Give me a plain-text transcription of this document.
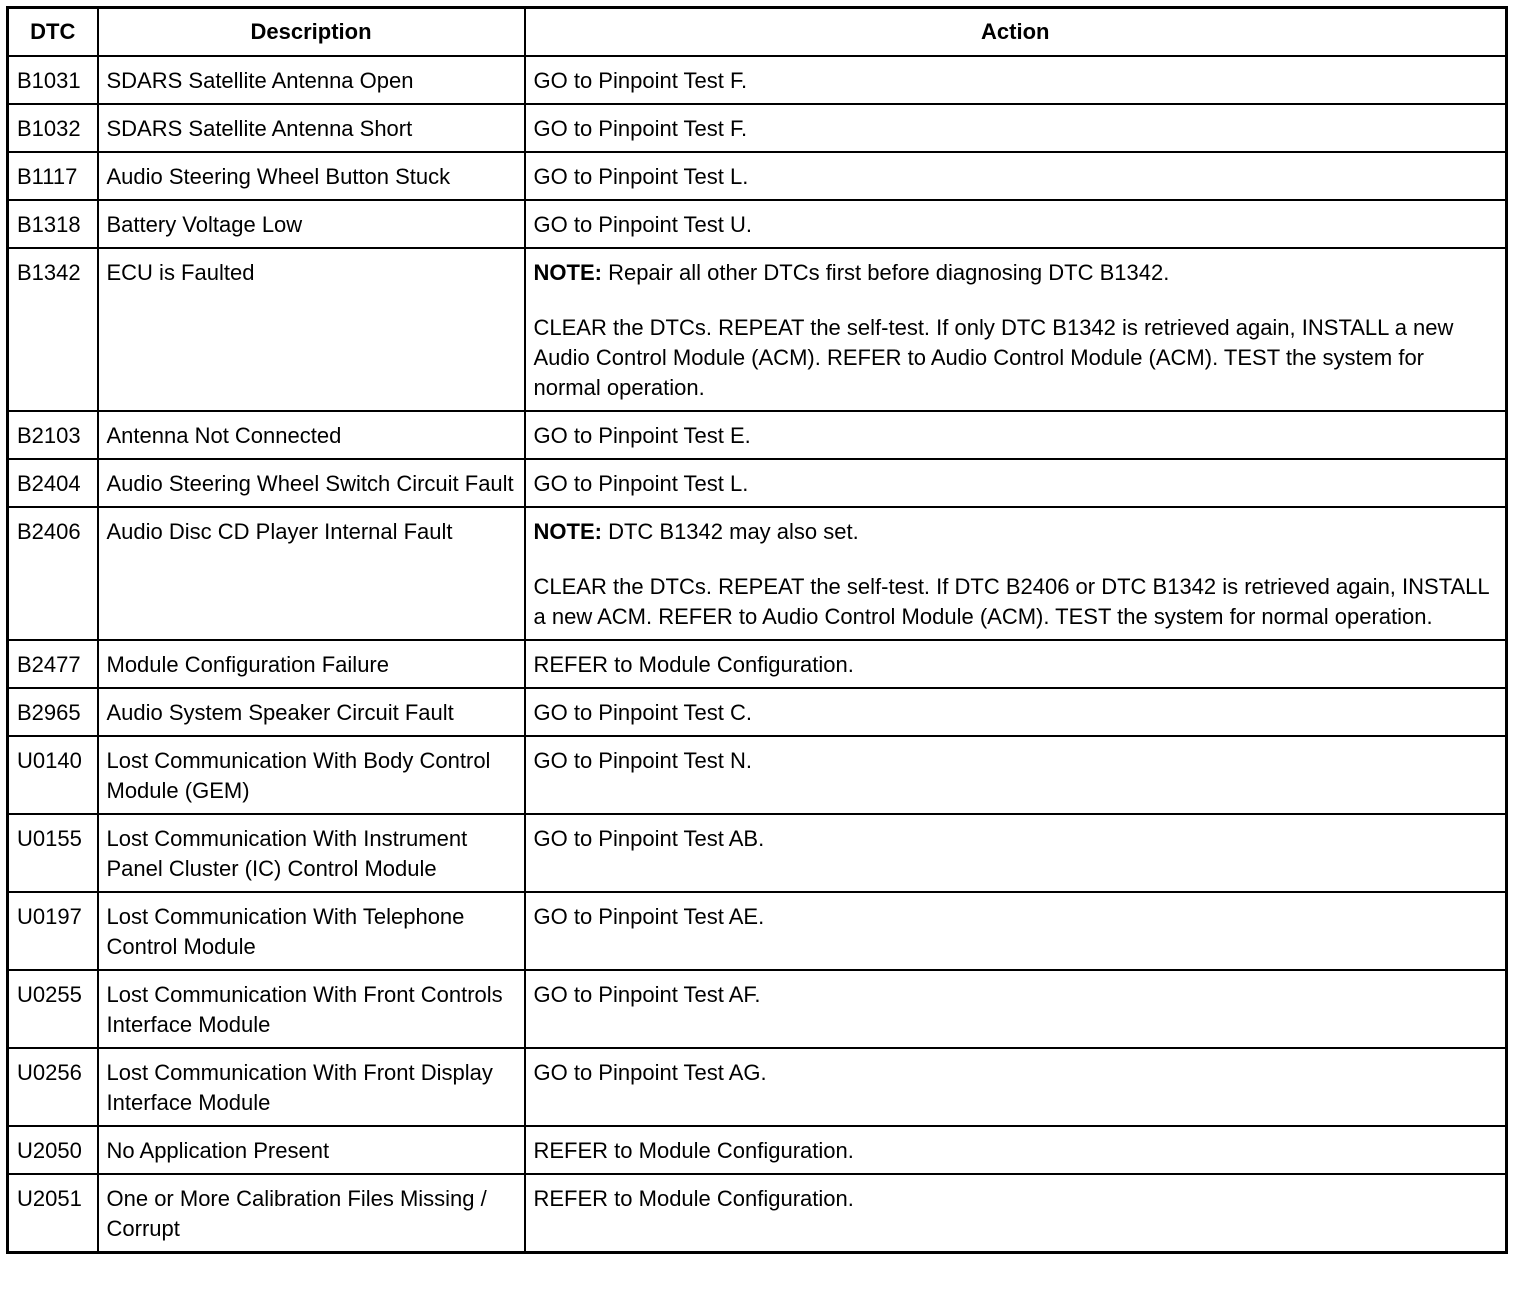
DTC	Description	Action
B1031	SDARS Satellite Antenna Open	GO to Pinpoint Test F.
B1032	SDARS Satellite Antenna Short	GO to Pinpoint Test F.
B1117	Audio Steering Wheel Button Stuck	GO to Pinpoint Test L.
B1318	Battery Voltage Low	GO to Pinpoint Test U.
B1342	ECU is Faulted	NOTE: Repair all other DTCs first before diagnosing DTC B1342.
CLEAR the DTCs. REPEAT the self-test. If only DTC B1342 is retrieved again, INSTALL a new Audio Control Module (ACM). REFER to Audio Control Module (ACM). TEST the system for normal operation.

B2103	Antenna Not Connected	GO to Pinpoint Test E.
B2404	Audio Steering Wheel Switch Circuit Fault	GO to Pinpoint Test L.
B2406	Audio Disc CD Player Internal Fault	NOTE: DTC B1342 may also set.
CLEAR the DTCs. REPEAT the self-test. If DTC B2406 or DTC B1342 is retrieved again, INSTALL a new ACM. REFER to Audio Control Module (ACM). TEST the system for normal operation.

B2477	Module Configuration Failure	REFER to Module Configuration.
B2965	Audio System Speaker Circuit Fault	GO to Pinpoint Test C.
U0140	Lost Communication With Body Control Module (GEM)	GO to Pinpoint Test N.
U0155	Lost Communication With Instrument Panel Cluster (IC) Control Module	GO to Pinpoint Test AB.
U0197	Lost Communication With Telephone Control Module	GO to Pinpoint Test AE.
U0255	Lost Communication With Front Controls Interface Module	GO to Pinpoint Test AF.
U0256	Lost Communication With Front Display Interface Module	GO to Pinpoint Test AG.
U2050	No Application Present	REFER to Module Configuration.
U2051	One or More Calibration Files Missing / Corrupt	REFER to Module Configuration.
